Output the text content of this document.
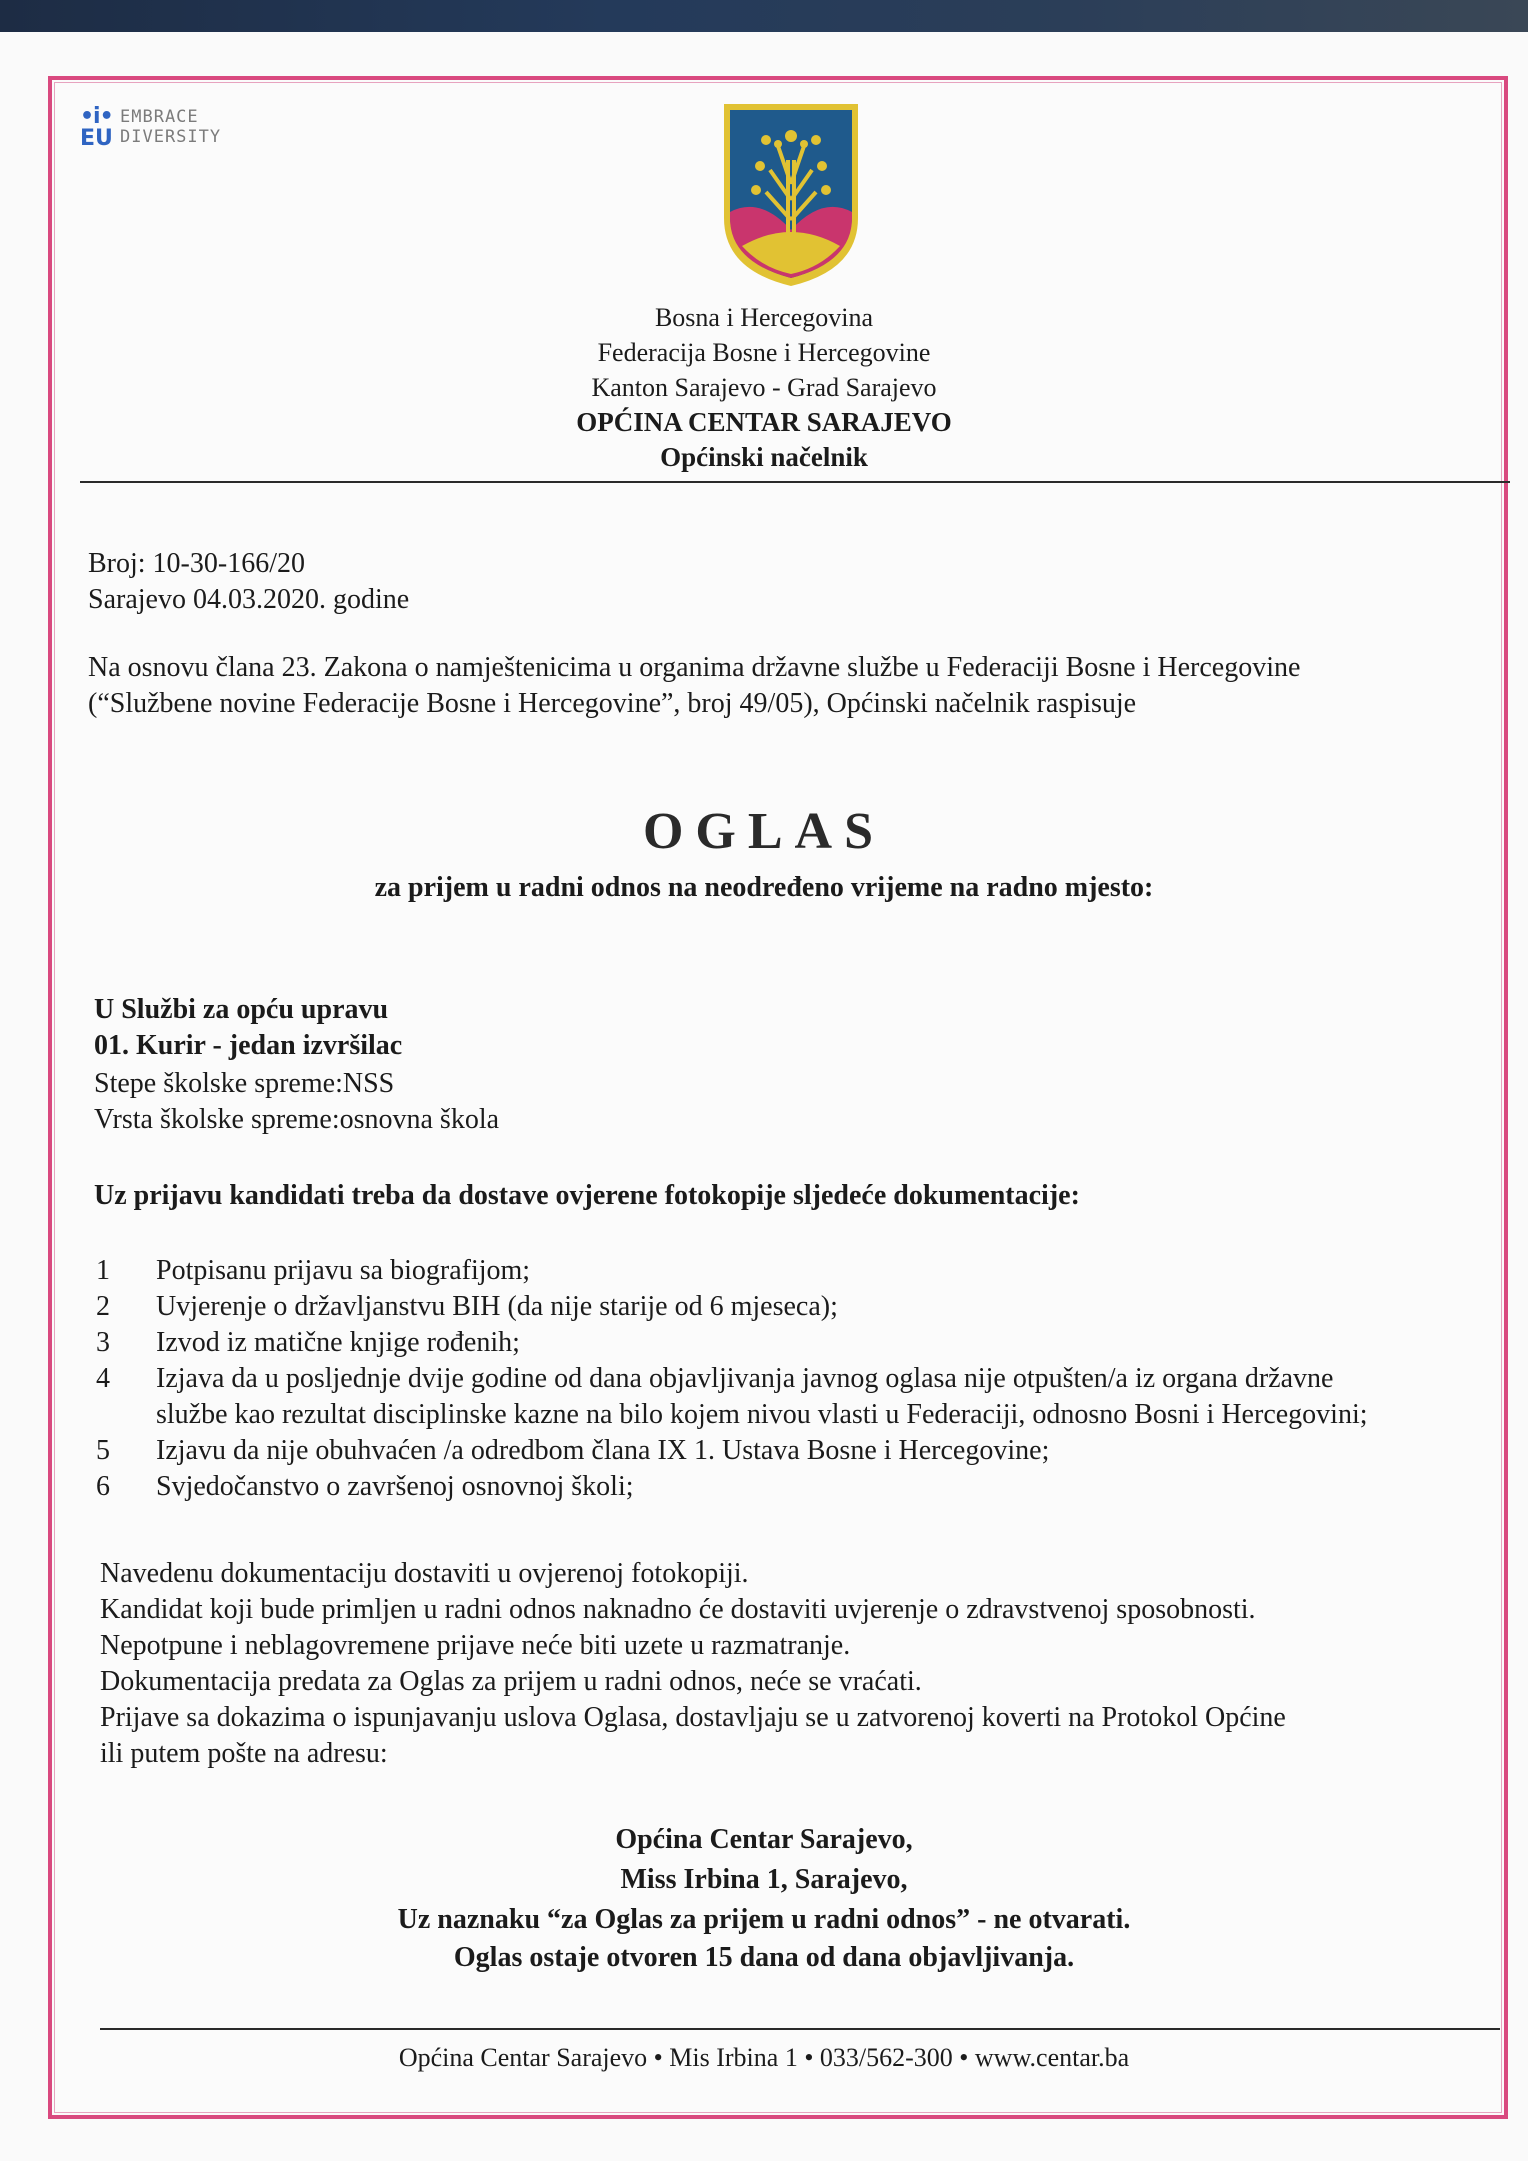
•i•
EU
EMBRACE
DIVERSITY
Bosna i Hercegovina
Federacija Bosne i Hercegovine
Kanton Sarajevo - Grad Sarajevo
OPĆINA CENTAR SARAJEVO
Općinski načelnik
Broj: 10-30-166/20
Sarajevo 04.03.2020. godine
Na osnovu člana 23. Zakona o namještenicima u organima državne službe u Federaciji Bosne i Hercegovine
(“Službene novine Federacije Bosne i Hercegovine”, broj 49/05), Općinski načelnik raspisuje
OGLAS
za prijem u radni odnos na neodređeno vrijeme na radno mjesto:
U Službi za opću upravu
01. Kurir - jedan izvršilac
Stepe školske spreme:NSS
Vrsta školske spreme:osnovna škola
Uz prijavu kandidati treba da dostave ovjerene fotokopije sljedeće dokumentacije:
1	Potpisanu prijavu sa biografijom;
2	Uvjerenje o državljanstvu BIH (da nije starije od 6 mjeseca);
3	Izvod iz matične knjige rođenih;
4	Izjava da u posljednje dvije godine od dana objavljivanja javnog oglasa nije otpušten/a iz organa državne
službe kao rezultat disciplinske kazne na bilo kojem nivou vlasti u Federaciji, odnosno Bosni i Hercegovini;
5	Izjavu da nije obuhvaćen /a odredbom člana IX 1. Ustava Bosne i Hercegovine;
6	Svjedočanstvo o završenoj osnovnoj školi;
Navedenu dokumentaciju dostaviti u ovjerenoj fotokopiji.
Kandidat koji bude primljen u radni odnos naknadno će dostaviti uvjerenje o zdravstvenoj sposobnosti.
Nepotpune i neblagovremene prijave neće biti uzete u razmatranje.
Dokumentacija predata za Oglas za prijem u radni odnos, neće se vraćati.
Prijave sa dokazima o ispunjavanju uslova Oglasa, dostavljaju se u zatvorenoj koverti na Protokol Općine
ili putem pošte na adresu:
Općina Centar Sarajevo,
Miss Irbina 1, Sarajevo,
Uz naznaku “za Oglas za prijem u radni odnos” - ne otvarati.
Oglas ostaje otvoren 15 dana od dana objavljivanja.
Općina Centar Sarajevo • Mis Irbina 1 • 033/562-300 • www.centar.ba
